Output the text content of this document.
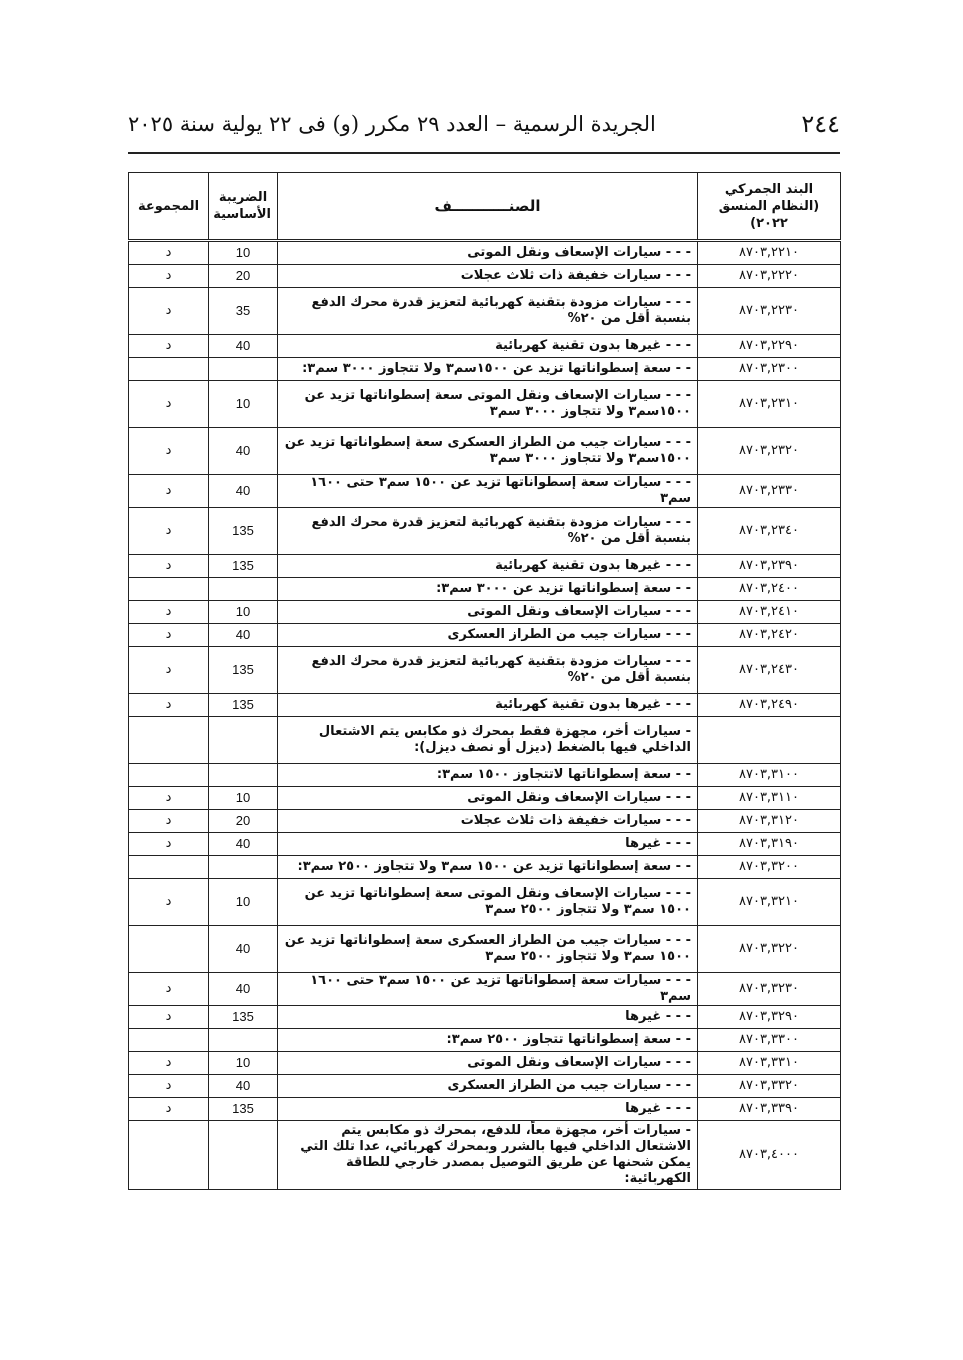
٢٤٤
الجريدة الرسمية – العدد ٢٩ مكرر (و) فى ٢٢ يولية سنة ٢٠٢٥
البند الجمركي
(النظام المنسق ٢٠٢٢)	الصنـــــــــــف	الضريبة
الأساسية	المجموعة
٨٧٠٣,٢٢١٠	- - - سيارات الإسعاف ونقل الموتى	10	د
٨٧٠٣,٢٢٢٠	- - - سيارات خفيفة ذات ثلاث عجلات	20	د
٨٧٠٣,٢٢٣٠	- - - سيارات مزودة بتقنية كهربائية لتعزيز قدرة محرك الدفع بنسبة أقل من ٢٠%	35	د
٨٧٠٣,٢٢٩٠	- - - غيرها بدون تقنية كهربائية	40	د
٨٧٠٣,٢٣٠٠	- - سعة إسطواناتها تزيد عن ١٥٠٠سم٣ ولا تتجاوز ٣٠٠٠ سم٣:		
٨٧٠٣,٢٣١٠	- - - سيارات الإسعاف ونقل الموتى سعة إسطواناتها تزيد عن ١٥٠٠سم٣ ولا تتجاوز ٣٠٠٠ سم٣	10	د
٨٧٠٣,٢٣٢٠	- - - سيارات جيب من الطراز العسكرى سعة إسطواناتها تزيد عن ١٥٠٠سم٣ ولا تتجاوز ٣٠٠٠ سم٣	40	د
٨٧٠٣,٢٣٣٠	- - - سيارات سعة إسطواناتها تزيد عن ١٥٠٠ سم٣ حتى ١٦٠٠ سم٣	40	د
٨٧٠٣,٢٣٤٠	- - - سيارات مزودة بتقنية كهربائية لتعزيز قدرة محرك الدفع بنسبة أقل من ٢٠%	135	د
٨٧٠٣,٢٣٩٠	- - - غيرها بدون تقنية كهربائية	135	د
٨٧٠٣,٢٤٠٠	- - سعة إسطواناتها تزيد عن ٣٠٠٠ سم٣:		
٨٧٠٣,٢٤١٠	- - - سيارات الإسعاف ونقل الموتى	10	د
٨٧٠٣,٢٤٢٠	- - - سيارات جيب من الطراز العسكرى	40	د
٨٧٠٣,٢٤٣٠	- - - سيارات مزودة بتقنية كهربائية لتعزيز قدرة محرك الدفع بنسبة أقل من ٢٠%	135	د
٨٧٠٣,٢٤٩٠	- - - غيرها بدون تقنية كهربائية	135	د
	- سيارات أخر، مجهزة فقط بمحرك ذو مكابس يتم الاشتعال الداخلي فيها بالضغط (ديزل أو نصف ديزل):		
٨٧٠٣,٣١٠٠	- - سعة إسطواناتها لاتتجاوز ١٥٠٠ سم٣:		
٨٧٠٣,٣١١٠	- - - سيارات الإسعاف ونقل الموتى	10	د
٨٧٠٣,٣١٢٠	- - - سيارات خفيفة ذات ثلاث عجلات	20	د
٨٧٠٣,٣١٩٠	- - - غيرها	40	د
٨٧٠٣,٣٢٠٠	- - سعة إسطواناتها تزيد عن ١٥٠٠ سم٣ ولا تتجاوز ٢٥٠٠ سم٣:		
٨٧٠٣,٣٢١٠	- - - سيارات الإسعاف ونقل الموتى سعة إسطواناتها تزيد عن ١٥٠٠ سم٣ ولا تتجاوز ٢٥٠٠ سم٣	10	د
٨٧٠٣,٣٢٢٠	- - - سيارات جيب من الطراز العسكرى سعة إسطواناتها تزيد عن ١٥٠٠ سم٣ ولا تتجاوز ٢٥٠٠ سم٣	40	
٨٧٠٣,٣٢٣٠	- - - سيارات سعة إسطواناتها تزيد عن ١٥٠٠ سم٣ حتى ١٦٠٠ سم٣	40	د
٨٧٠٣,٣٢٩٠	- - - غيرها	135	د
٨٧٠٣,٣٣٠٠	- - سعة إسطواناتها تتجاوز ٢٥٠٠ سم٣:		
٨٧٠٣,٣٣١٠	- - - سيارات الإسعاف ونقل الموتى	10	د
٨٧٠٣,٣٣٢٠	- - - سيارات جيب من الطراز العسكرى	40	د
٨٧٠٣,٣٣٩٠	- - - غيرها	135	د
٨٧٠٣,٤٠٠٠	- سيارات أخر، مجهزة معاً، للدفع، بمحرك ذو مكابس يتم الاشتعال الداخلي فيها بالشرر وبمحرك كهربائي، عدا تلك التي يمكن شحنها عن طريق التوصيل بمصدر خارجي للطاقة الكهربائية:		
